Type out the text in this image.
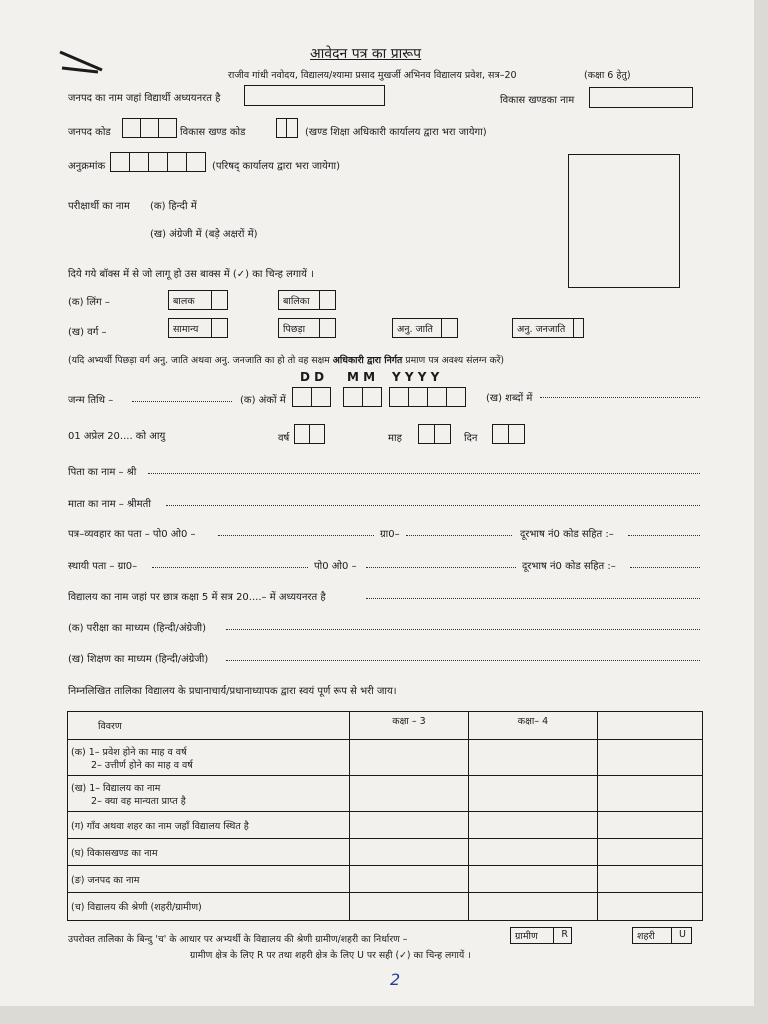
आवेदन पत्र का प्रारूप
राजीव गांधी नवोदय, विद्यालय/श्यामा प्रसाद मुखर्जी अभिनव विद्यालय प्रवेश, सत्र–20	(कक्षा 6 हेतु)
जनपद का नाम जहां विद्यार्थी अध्ययनरत है	विकास खण्डका नाम
जनपद कोड	विकास खण्ड कोड	(खण्ड शिक्षा अधिकारी कार्यालय द्वारा भरा जायेगा)
अनुक्रमांक	(परिषद् कार्यालय द्वारा भरा जायेगा)
परीक्षार्थी का नाम (क) हिन्दी में
(ख) अंग्रेजी में (बड़े अक्षरों में)
दिये गये बॉक्स में से जो लागू हो उस बाक्स में (✓) का चिन्ह लगायें ।
(क) लिंग –	बालक	बालिका
(ख) वर्ग –	सामान्य	पिछड़ा	अनु. जाति	अनु. जनजाति
(यदि अभ्यर्थी पिछड़ा वर्ग अनु. जाति अथवा अनु. जनजाति का हो तो वह सक्षम अधिकारी द्वारा निर्गत प्रमाण पत्र अवश्य संलग्न करें)
D D M M Y Y Y Y
जन्म तिथि –	(क) अंकों में	(ख) शब्दों में
01 अप्रेल 20.... को आयु	वर्ष	माह	दिन
पिता का नाम – श्री
माता का नाम – श्रीमती
पत्र–व्यवहार का पता – पो0 ओ0 –	ग्रा0–	दूरभाष नं0 कोड सहित :–
स्थायी पता – ग्रा0–	पो0 ओ0 –	दूरभाष नं0 कोड सहित :–
विद्यालय का नाम जहां पर छात्र कक्षा 5 में सत्र 20....– में अध्ययनरत है
(क) परीक्षा का माध्यम (हिन्दी/अंग्रेजी)
(ख) शिक्षण का माध्यम (हिन्दी/अंग्रेजी)
निम्नलिखित तालिका विद्यालय के प्रधानाचार्य/प्रधानाध्यापक द्वारा स्वयं पूर्ण रूप से भरी जाय।
विवरण	कक्षा – 3	कक्षा– 4	

(क) 1– प्रवेश होने का माह व वर्ष
2– उत्तीर्ण होने का माह व वर्ष			

(ख) 1– विद्यालय का नाम
2– क्या वह मान्यता प्राप्त है			

(ग) गाँव अथवा शहर का नाम जहाँ विद्यालय स्थित है			
(घ) विकासखण्ड का नाम			
(ङ) जनपद का नाम			
(च) विद्यालय की श्रेणी (शहरी/ग्रामीण)			
उपरोक्त तालिका के बिन्दु 'च' के आधार पर अभ्यर्थी के विद्यालय की श्रेणी ग्रामीण/शहरी का निर्धारण –	ग्रामीण R	शहरी	U
ग्रामीण क्षेत्र के लिए R पर तथा शहरी क्षेत्र के लिए U पर सही (✓) का चिन्ह लगायें ।
2
